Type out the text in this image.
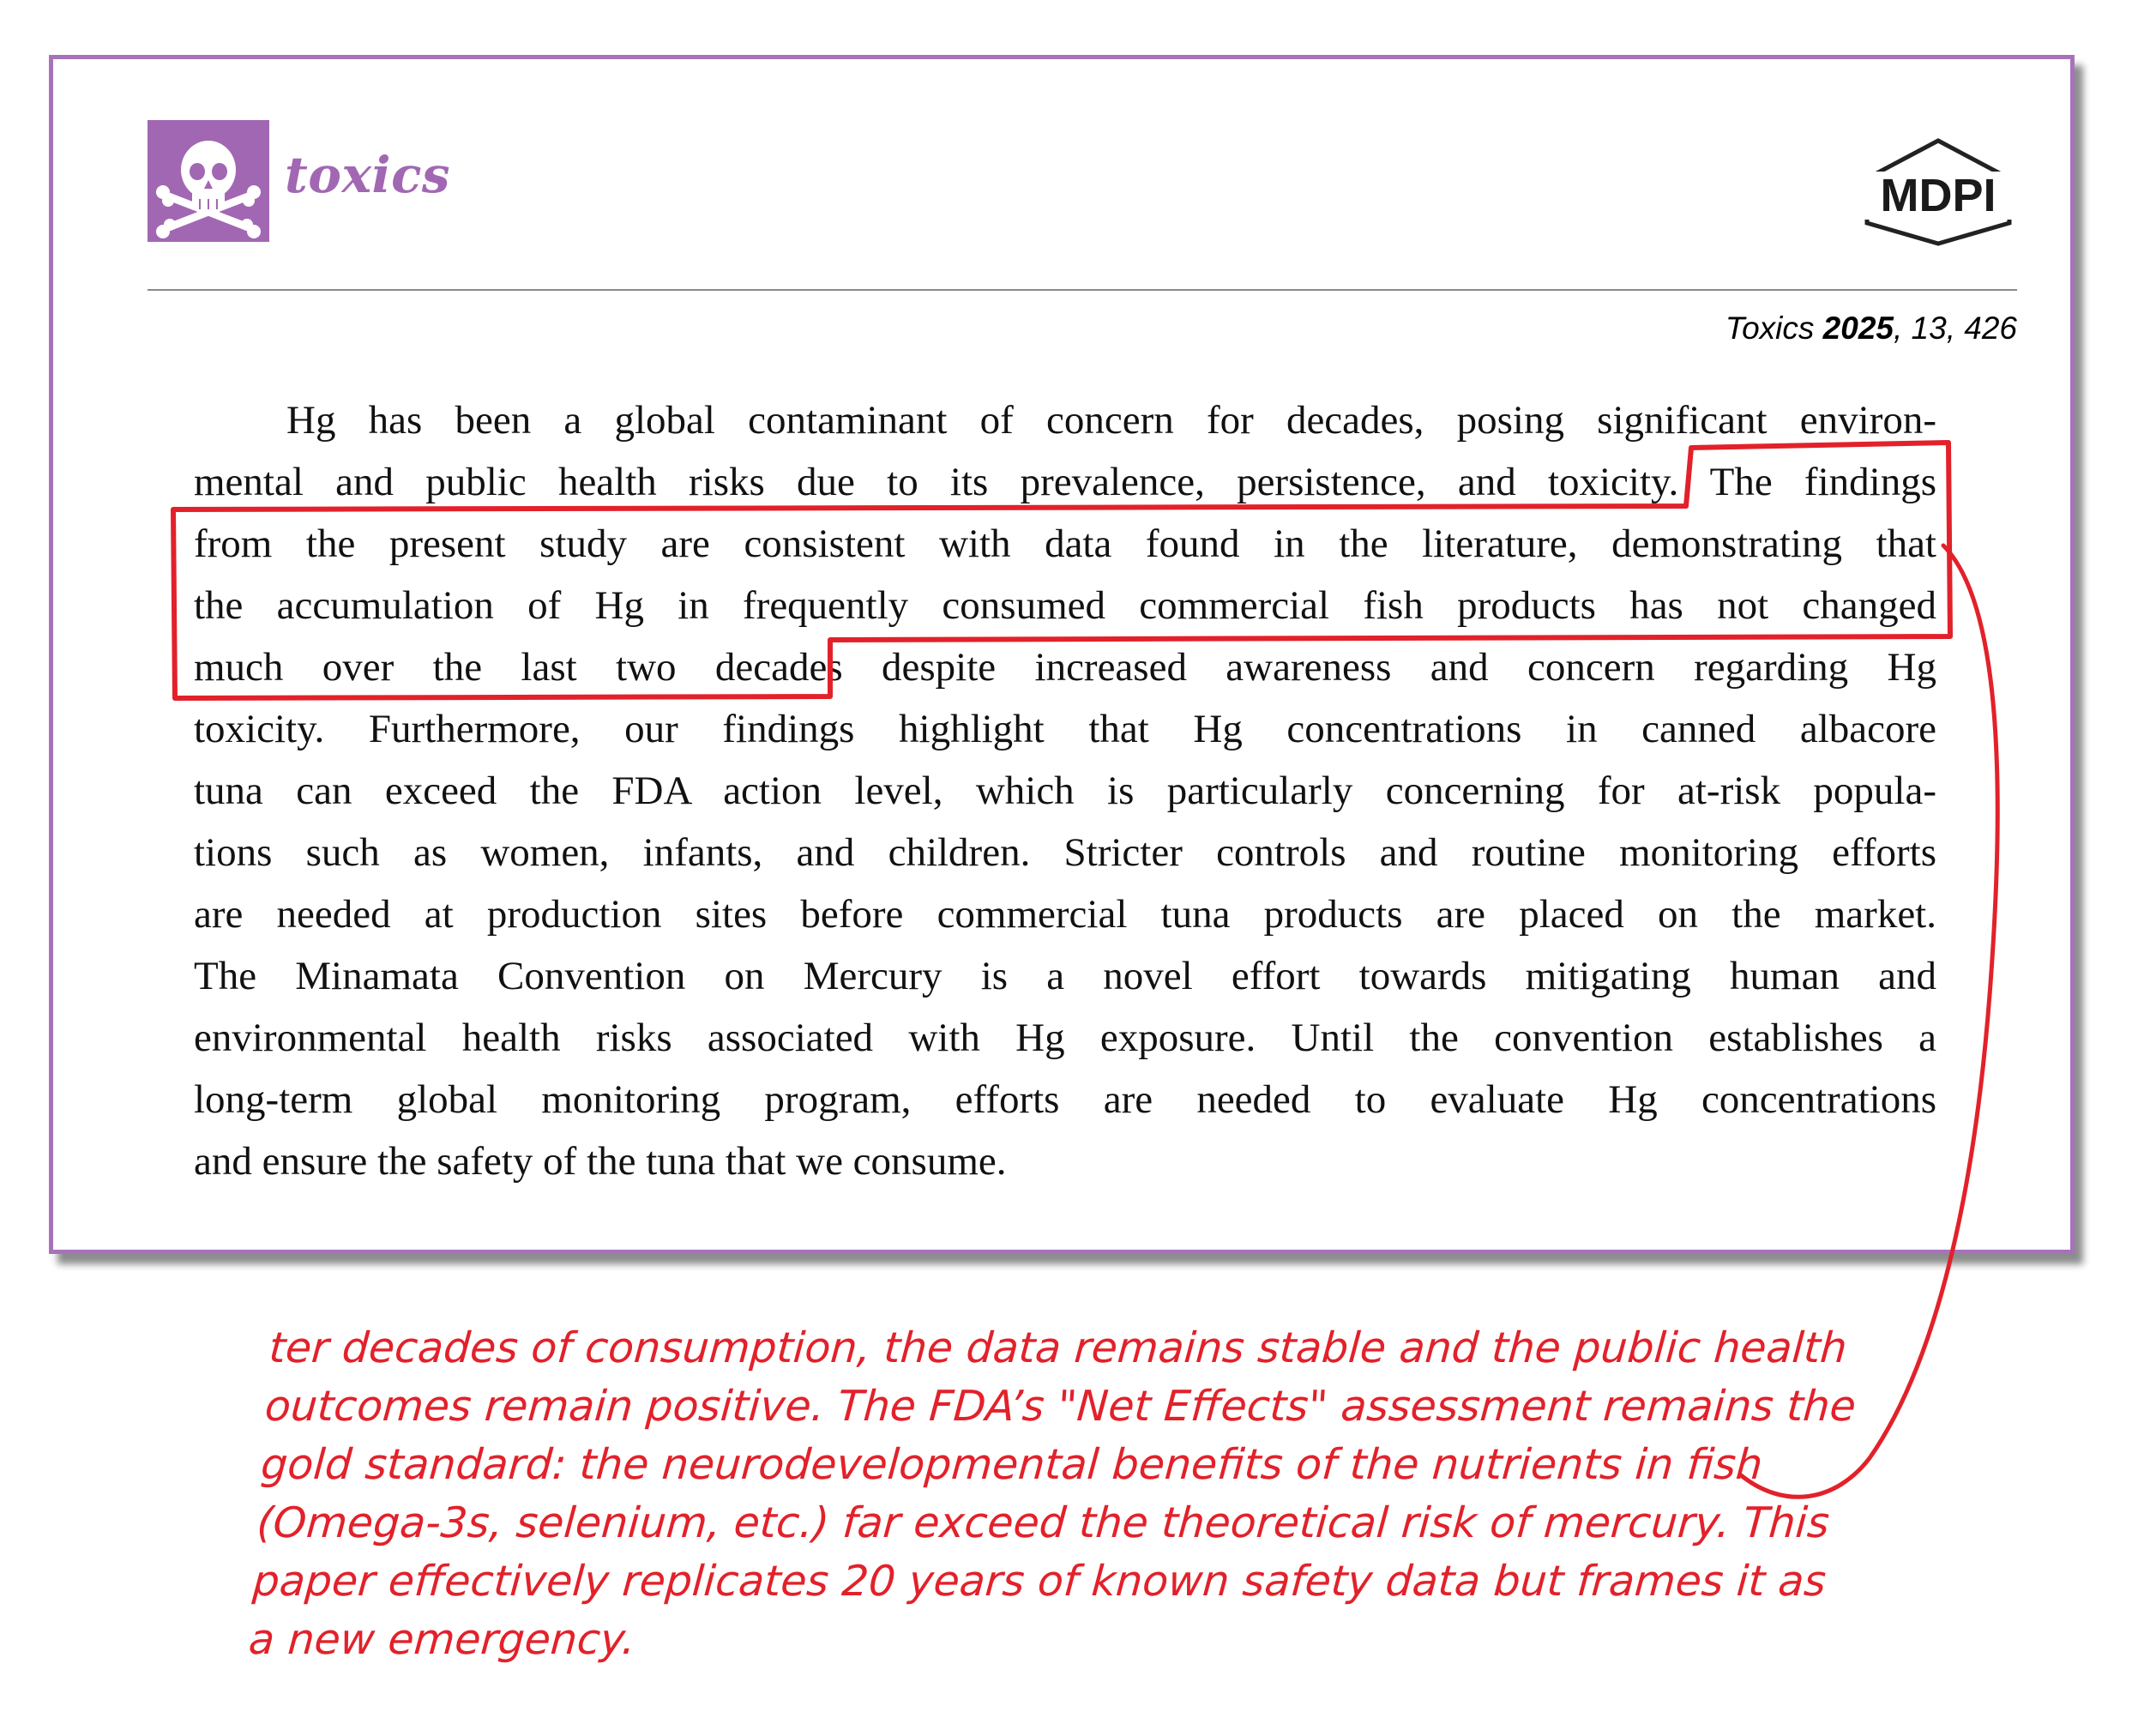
toxics	MDPI
Toxics 2025, 13, 426
Hg has been a global contaminant of concern for decades, posing significant environ-
mental and public health risks due to its prevalence, persistence, and toxicity. The findings
from the present study are consistent with data found in the literature, demonstrating that
the accumulation of Hg in frequently consumed commercial fish products has not changed
much over the last two decades despite increased awareness and concern regarding Hg
toxicity. Furthermore, our findings highlight that Hg concentrations in canned albacore
tuna can exceed the FDA action level, which is particularly concerning for at-risk popula-
tions such as women, infants, and children. Stricter controls and routine monitoring efforts
are needed at production sites before commercial tuna products are placed on the market.
The Minamata Convention on Mercury is a novel effort towards mitigating human and
environmental health risks associated with Hg exposure. Until the convention establishes a
long-term global monitoring program, efforts are needed to evaluate Hg concentrations
and ensure the safety of the tuna that we consume.
ter decades of consumption, the data remains stable and the public health
outcomes remain positive. The FDA’s "Net Effects" assessment remains the
gold standard: the neurodevelopmental benefits of the nutrients in fish
(Omega-3s, selenium, etc.) far exceed the theoretical risk of mercury. This
paper effectively replicates 20 years of known safety data but frames it as
a new emergency.
